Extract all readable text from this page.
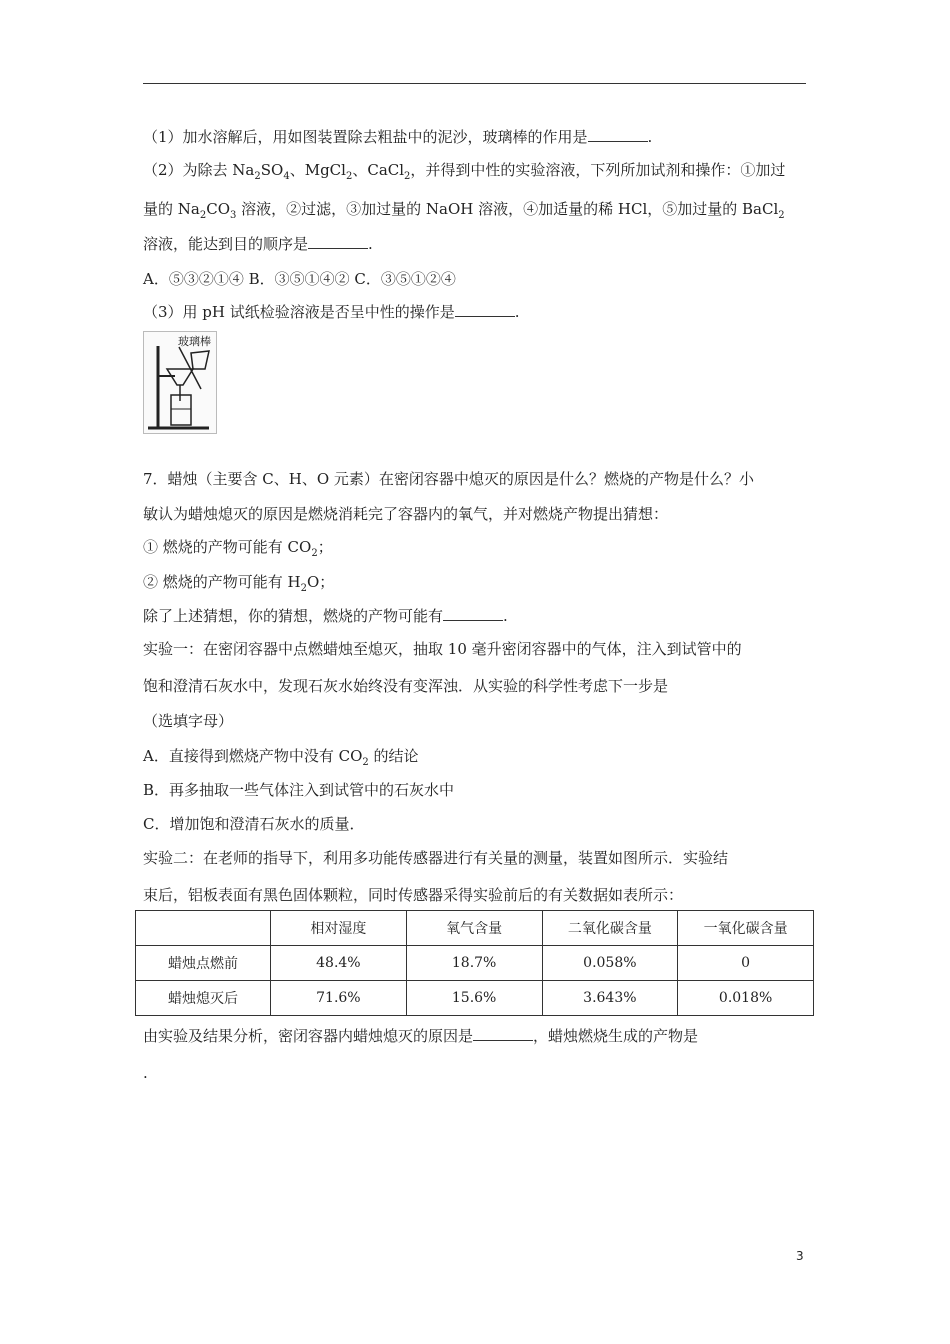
（1）加水溶解后，用如图装置除去粗盐中的泥沙，玻璃棒的作用是	.
（2）为除去 $Na_2SO_4$、MgCl$_2$、CaCl$_2$，并得到中性的实验溶液，下列所加试剂和操作：①加过
量的 $Na_2CO_3$ 溶液，②过滤，③加过量的 NaOH 溶液，④加适量的稀 HCl，⑤加过量的 BaCl$_2$
溶液，能达到目的顺序是	.
A．⑤③②①④ B．③⑤①④② C．③⑤①②④
（3）用 pH 试纸检验溶液是否呈中性的操作是	.
玻璃棒
7．蜡烛（主要含 C、H、O 元素）在密闭容器中熄灭的原因是什么？燃烧的产物是什么？小
敏认为蜡烛熄灭的原因是燃烧消耗完了容器内的氧气，并对燃烧产物提出猜想：
① 燃烧的产物可能有 $CO_2$；
② 燃烧的产物可能有 $H_2O$；
除了上述猜想，你的猜想，燃烧的产物可能有	.
实验一：在密闭容器中点燃蜡烛至熄灭，抽取 10 毫升密闭容器中的气体，注入到试管中的
饱和澄清石灰水中，发现石灰水始终没有变浑浊．从实验的科学性考虑下一步是
（选填字母）
A．直接得到燃烧产物中没有 $CO_2$ 的结论
B．再多抽取一些气体注入到试管中的石灰水中
C．增加饱和澄清石灰水的质量．
实验二：在老师的指导下，利用多功能传感器进行有关量的测量，装置如图所示．实验结
束后，铝板表面有黑色固体颗粒，同时传感器采得实验前后的有关数据如表所示：
	相对湿度	氧气含量	二氧化碳含量	一氧化碳含量
蜡烛点燃前	48.4%	18.7%	0.058%	0
蜡烛熄灭后	71.6%	15.6%	3.643%	0.018%
由实验及结果分析，密闭容器内蜡烛熄灭的原因是	，蜡烛燃烧生成的产物是
.
3
